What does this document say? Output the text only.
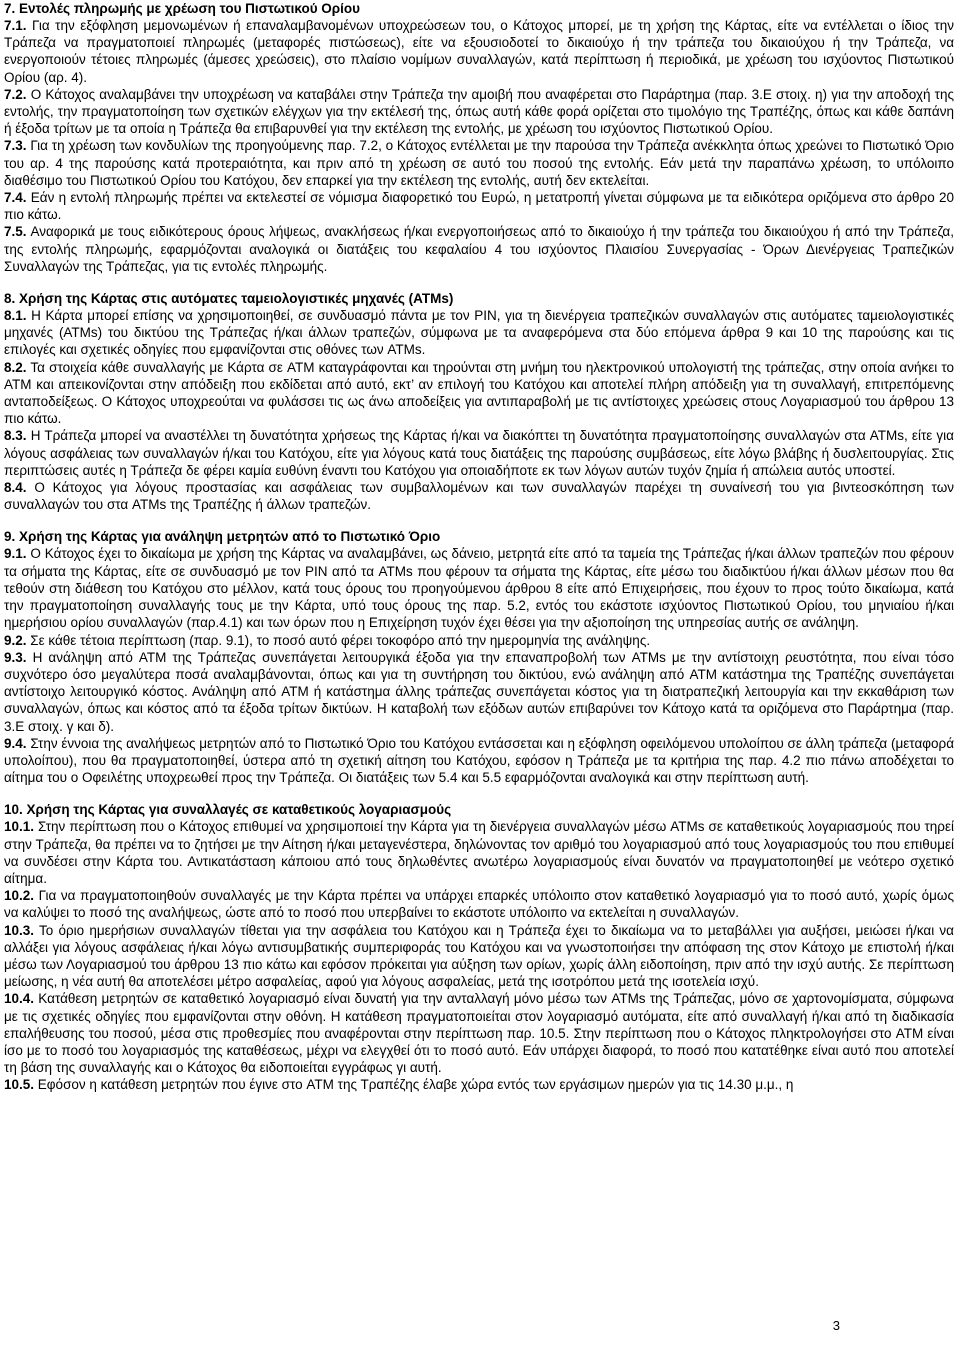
7. Εντολές πληρωμής με χρέωση του Πιστωτικού Ορίου
7.1. Για την εξόφληση μεμονωμένων ή επαναλαμβανομένων υποχρεώσεων του, ο Κάτοχος μπορεί, με τη χρήση της Κάρτας, είτε να εντέλλεται ο ίδιος την Τράπεζα να πραγματοποιεί πληρωμές (μεταφορές πιστώσεως), είτε να εξουσιοδοτεί το δικαιούχο ή την τράπεζα του δικαιούχου ή την Τράπεζα, να ενεργοποιούν τέτοιες πληρωμές (άμεσες χρεώσεις), στο πλαίσιο νομίμων συναλλαγών, κατά περίπτωση ή περιοδικά, με χρέωση του ισχύοντος Πιστωτικού Ορίου (αρ. 4).
7.2. Ο Κάτοχος αναλαμβάνει την υποχρέωση να καταβάλει στην Τράπεζα την αμοιβή που αναφέρεται στο Παράρτημα (παρ. 3.Ε στοιχ. η) για την αποδοχή της εντολής, την πραγματοποίηση των σχετικών ελέγχων για την εκτέλεσή της, όπως αυτή κάθε φορά ορίζεται στο τιμολόγιο της Τραπέζης, όπως και κάθε δαπάνη ή έξοδα τρίτων με τα οποία η Τράπεζα θα επιβαρυνθεί για την εκτέλεση της εντολής, με χρέωση του ισχύοντος Πιστωτικού Ορίου.
7.3. Για τη χρέωση των κονδυλίων της προηγούμενης παρ. 7.2, ο Κάτοχος εντέλλεται με την παρούσα την Τράπεζα ανέκκλητα όπως χρεώνει το Πιστωτικό Όριο του αρ. 4 της παρούσης κατά προτεραιότητα, και πριν από τη χρέωση σε αυτό του ποσού της εντολής. Εάν μετά την παραπάνω χρέωση, το υπόλοιπο διαθέσιμο του Πιστωτικού Ορίου του Κατόχου, δεν επαρκεί για την εκτέλεση της εντολής, αυτή δεν εκτελείται.
7.4. Εάν η εντολή πληρωμής πρέπει να εκτελεστεί σε νόμισμα διαφορετικό του Ευρώ, η μετατροπή γίνεται σύμφωνα με τα ειδικότερα οριζόμενα στο άρθρο 20 πιο κάτω.
7.5. Αναφορικά με τους ειδικότερους όρους λήψεως, ανακλήσεως ή/και ενεργοποιήσεως από το δικαιούχο ή την τράπεζα του δικαιούχου ή από την Τράπεζα, της εντολής πληρωμής, εφαρμόζονται αναλογικά οι διατάξεις του κεφαλαίου 4 του ισχύοντος Πλαισίου Συνεργασίας - Όρων Διενέργειας Τραπεζικών Συναλλαγών της Τράπεζας, για τις εντολές πληρωμής.
8. Χρήση της Κάρτας στις αυτόματες ταμειολογιστικές μηχανές (ATMs)
8.1. Η Κάρτα μπορεί επίσης να χρησιμοποιηθεί, σε συνδυασμό πάντα με τον PIN, για τη διενέργεια τραπεζικών συναλλαγών στις αυτόματες ταμειολογιστικές μηχανές (ATMs) του δικτύου της Τράπεζας ή/και άλλων τραπεζών, σύμφωνα με τα αναφερόμενα στα δύο επόμενα άρθρα 9 και 10 της παρούσης και τις επιλογές και σχετικές οδηγίες που εμφανίζονται στις οθόνες των ATMs.
8.2. Τα στοιχεία κάθε συναλλαγής με Κάρτα σε ATM καταγράφονται και τηρούνται στη μνήμη του ηλεκτρονικού υπολογιστή της τράπεζας, στην οποία ανήκει το ATM και απεικονίζονται στην απόδειξη που εκδίδεται από αυτό, εκτ’ αν επιλογή του Κατόχου και αποτελεί πλήρη απόδειξη για τη συναλλαγή, επιτρεπόμενης ανταποδείξεως. Ο Κάτοχος υποχρεούται να φυλάσσει τις ως άνω αποδείξεις για αντιπαραβολή με τις αντίστοιχες χρεώσεις στους Λογαριασμού του άρθρου 13 πιο κάτω.
8.3. Η Τράπεζα μπορεί να αναστέλλει τη δυνατότητα χρήσεως της Κάρτας ή/και να διακόπτει τη δυνατότητα πραγματοποίησης συναλλαγών στα ATMs, είτε για λόγους ασφάλειας των συναλλαγών ή/και του Κατόχου, είτε για λόγους κατά τους διατάξεις της παρούσης συμβάσεως, είτε λόγω βλάβης ή δυσλειτουργίας. Στις περιπτώσεις αυτές η Τράπεζα δε φέρει καμία ευθύνη έναντι του Κατόχου για οποιαδήποτε εκ των λόγων αυτών τυχόν ζημία ή απώλεια αυτός υποστεί.
8.4. Ο Κάτοχος για λόγους προστασίας και ασφάλειας των συμβαλλομένων και των συναλλαγών παρέχει τη συναίνεσή του για βιντεοσκόπηση των συναλλαγών του στα ATMs της Τραπέζης ή άλλων τραπεζών.
9. Χρήση της Κάρτας για ανάληψη μετρητών από το Πιστωτικό Όριο
9.1. Ο Κάτοχος έχει το δικαίωμα με χρήση της Κάρτας να αναλαμβάνει, ως δάνειο, μετρητά είτε από τα ταμεία της Τράπεζας ή/και άλλων τραπεζών που φέρουν τα σήματα της Κάρτας, είτε σε συνδυασμό με τον PIN από τα ATMs που φέρουν τα σήματα της Κάρτας, είτε μέσω του διαδικτύου ή/και άλλων μέσων που θα τεθούν στη διάθεση του Κατόχου στο μέλλον, κατά τους όρους του προηγούμενου άρθρου 8 είτε από Επιχειρήσεις, που έχουν το προς τούτο δικαίωμα, κατά την πραγματοποίηση συναλλαγής τους με την Κάρτα, υπό τους όρους της παρ. 5.2, εντός του εκάστοτε ισχύοντος Πιστωτικού Ορίου, του μηνιαίου ή/και ημερήσιου ορίου συναλλαγών (παρ.4.1) και των όρων που η Επιχείρηση τυχόν έχει θέσει για την αξιοποίηση της υπηρεσίας αυτής σε ανάληψη.
9.2. Σε κάθε τέτοια περίπτωση (παρ. 9.1), το ποσό αυτό φέρει τοκοφόρο από την ημερομηνία της ανάληψης.
9.3. Η ανάληψη από ATM της Τράπεζας συνεπάγεται λειτουργικά έξοδα για την επαναπροβολή των ATMs με την αντίστοιχη ρευστότητα, που είναι τόσο συχνότερο όσο μεγαλύτερα ποσά αναλαμβάνονται, όπως και για τη συντήρηση του δικτύου, ενώ ανάληψη από ATM κατάστημα της Τραπέζης συνεπάγεται αντίστοιχο λειτουργικό κόστος. Ανάληψη από ATM ή κατάστημα άλλης τράπεζας συνεπάγεται κόστος για τη διατραπεζική λειτουργία και την εκκαθάριση των συναλλαγών, όπως και κόστος από τα έξοδα τρίτων δικτύων. Η καταβολή των εξόδων αυτών επιβαρύνει τον Κάτοχο κατά τα οριζόμενα στο Παράρτημα (παρ. 3.Ε στοιχ. γ και δ).
9.4. Στην έννοια της αναλήψεως μετρητών από το Πιστωτικό Όριο του Κατόχου εντάσσεται και η εξόφληση οφειλόμενου υπολοίπου σε άλλη τράπεζα (μεταφορά υπολοίπου), που θα πραγματοποιηθεί, ύστερα από τη σχετική αίτηση του Κατόχου, εφόσον η Τράπεζα με τα κριτήρια της παρ. 4.2 πιο πάνω αποδέχεται το αίτημα του ο Οφειλέτης υποχρεωθεί προς την Τράπεζα. Οι διατάξεις των 5.4 και 5.5 εφαρμόζονται αναλογικά και στην περίπτωση αυτή.
10. Χρήση της Κάρτας για συναλλαγές σε καταθετικούς λογαριασμούς
10.1. Στην περίπτωση που ο Κάτοχος επιθυμεί να χρησιμοποιεί την Κάρτα για τη διενέργεια συναλλαγών μέσω ATMs σε καταθετικούς λογαριασμούς που τηρεί στην Τράπεζα, θα πρέπει να το ζητήσει με την Αίτηση ή/και μεταγενέστερα, δηλώνοντας τον αριθμό του λογαριασμού από τους λογαριασμούς του που επιθυμεί να συνδέσει στην Κάρτα του. Αντικατάσταση κάποιου από τους δηλωθέντες ανωτέρω λογαριασμούς είναι δυνατόν να πραγματοποιηθεί με νεότερο σχετικό αίτημα.
10.2. Για να πραγματοποιηθούν συναλλαγές με την Κάρτα πρέπει να υπάρχει επαρκές υπόλοιπο στον καταθετικό λογαριασμό για το ποσό αυτό, χωρίς όμως να καλύψει το ποσό της αναλήψεως, ώστε από το ποσό που υπερβαίνει το εκάστοτε υπόλοιπο να εκτελείται η συναλλαγών.
10.3. Το όριο ημερήσιων συναλλαγών τίθεται για την ασφάλεια του Κατόχου και η Τράπεζα έχει το δικαίωμα να το μεταβάλλει για αυξήσει, μειώσει ή/και να αλλάξει για λόγους ασφάλειας ή/και λόγω αντισυμβατικής συμπεριφοράς του Κατόχου και να γνωστοποιήσει την απόφαση της στον Κάτοχο με επιστολή ή/και μέσω των Λογαριασμού του άρθρου 13 πιο κάτω και εφόσον πρόκειται για αύξηση των ορίων, χωρίς άλλη ειδοποίηση, πριν από την ισχύ αυτής. Σε περίπτωση μείωσης, η νέα αυτή θα αποτελέσει μέτρο ασφαλείας, αφού για λόγους ασφαλείας, μετά της ισοτρόπου μετά της ισοτελεία ισχύ.
10.4. Κατάθεση μετρητών σε καταθετικό λογαριασμό είναι δυνατή για την ανταλλαγή μόνο μέσω των ATMs της Τράπεζας, μόνο σε χαρτονομίσματα, σύμφωνα με τις σχετικές οδηγίες που εμφανίζονται στην οθόνη. Η κατάθεση πραγματοποιείται στον λογαριασμό αυτόματα, είτε από συναλλαγή ή/και από τη διαδικασία επαλήθευσης του ποσού, μέσα στις προθεσμίες που αναφέρονται στην περίπτωση παρ. 10.5. Στην περίπτωση που ο Κάτοχος πληκτρολογήσει στο ATM είναι ίσο με το ποσό του λογαριασμός της καταθέσεως, μέχρι να ελεγχθεί ότι το ποσό αυτό. Εάν υπάρχει διαφορά, το ποσό που κατατέθηκε είναι αυτό που αποτελεί τη βάση της συναλλαγής και ο Κάτοχος θα ειδοποιείται εγγράφως γι αυτή.
10.5. Εφόσον η κατάθεση μετρητών που έγινε στο ATM της Τραπέζης έλαβε χώρα εντός των εργάσιμων ημερών για τις 14.30 μ.μ., η
3
